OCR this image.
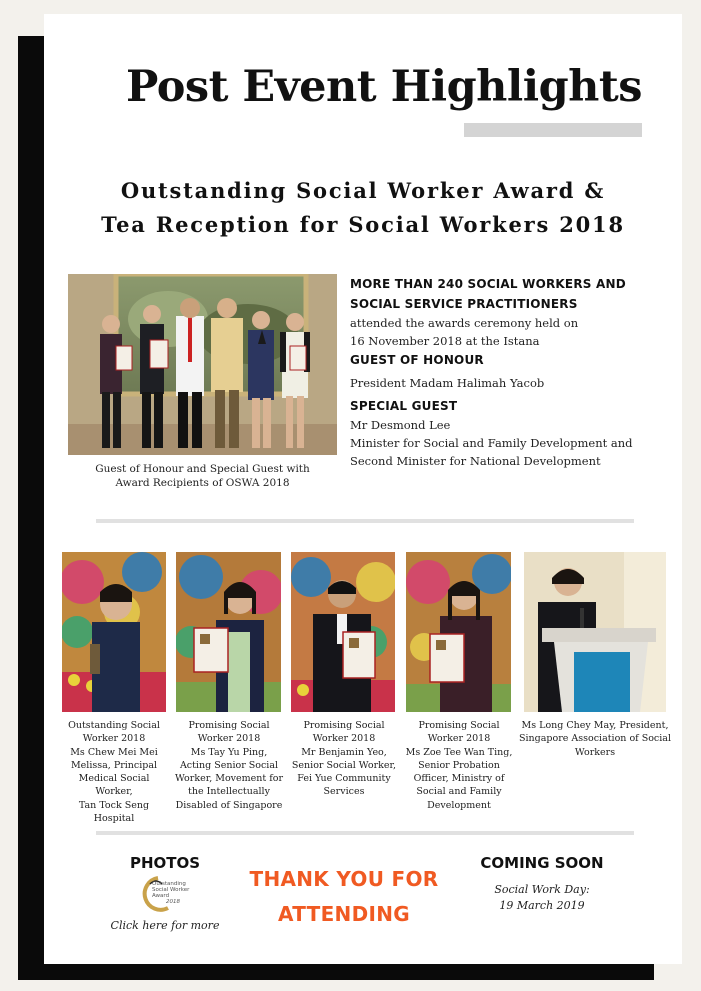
Post Event Highlights
Outstanding Social Worker Award &
Tea Reception for Social Workers 2018
Guest of Honour and Special Guest with
Award Recipients of OSWA 2018
MORE THAN 240 SOCIAL WORKERS AND
SOCIAL SERVICE PRACTITIONERS
attended the awards ceremony held on
16 November 2018 at the Istana
GUEST OF HONOUR
President Madam Halimah Yacob
SPECIAL GUEST
Mr Desmond Lee
Minister for Social and Family Development and
Second Minister for National Development
Outstanding Social
Worker 2018
Ms Chew Mei Mei
Melissa, Principal
Medical Social Worker,
Tan Tock Seng
Hospital
Promising Social
Worker 2018
Ms Tay Yu Ping,
Acting Senior Social
Worker, Movement for
the Intellectually
Disabled of Singapore
Promising Social
Worker 2018
Mr Benjamin Yeo,
Senior Social Worker,
Fei Yue Community
Services
Promising Social
Worker 2018
Ms Zoe Tee Wan Ting,
Senior Probation
Officer, Ministry of
Social and Family
Development
Ms Long Chey May, President,
Singapore Association of Social
Workers
PHOTOS
Outstanding
Social Worker
Award
2018
Click here for more
THANK YOU FOR
ATTENDING
COMING SOON
Social Work Day:
19 March 2019
